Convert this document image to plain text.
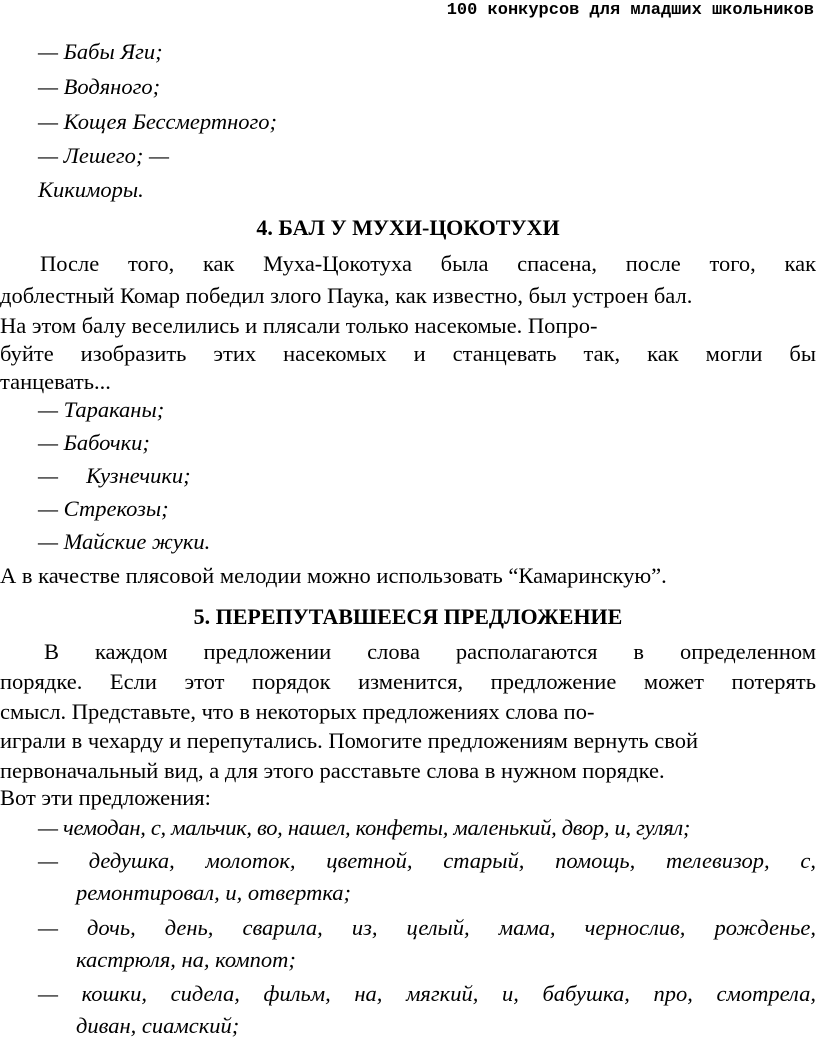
100 конкурсов для младших школьников
— Бабы Яги;
— Водяного;
— Кощея Бессмертного;
— Лешего; —
Кикиморы.
4. БАЛ У МУХИ-ЦОКОТУХИ
После того, как Муха-Цокотуха была спасена, после того, как
доблестный Комар победил злого Паука, как известно, был устроен бал.
На этом балу веселились и плясали только насекомые. Попро-
буйте изобразить этих насекомых и станцевать так, как могли бы
танцевать...
— Тараканы;
— Бабочки;
—     Кузнечики;
— Стрекозы;
— Майские жуки.
А в качестве плясовой мелодии можно использовать “Камаринскую”.
5. ПЕРЕПУТАВШЕЕСЯ ПРЕДЛОЖЕНИЕ
В каждом предложении слова располагаются в определенном
порядке. Если этот порядок изменится, предложение может потерять
смысл. Представьте, что в некоторых предложениях слова по-
играли в чехарду и перепутались. Помогите предложениям вернуть свой
первоначальный вид, а для этого расставьте слова в нужном порядке.
Вот эти предложения:
— чемодан, с, мальчик, во, нашел, конфеты, маленький, двор, и, гулял;
— дедушка, молоток, цветной, старый, помощь, телевизор, с,
ремонтировал, и, отвертка;
— дочь, день, сварила, из, целый, мама, чернослив, рожденье,
кастрюля, на, компот;
— кошки, сидела, фильм, на, мягкий, и, бабушка, про, смотрела,
диван, сиамский;
